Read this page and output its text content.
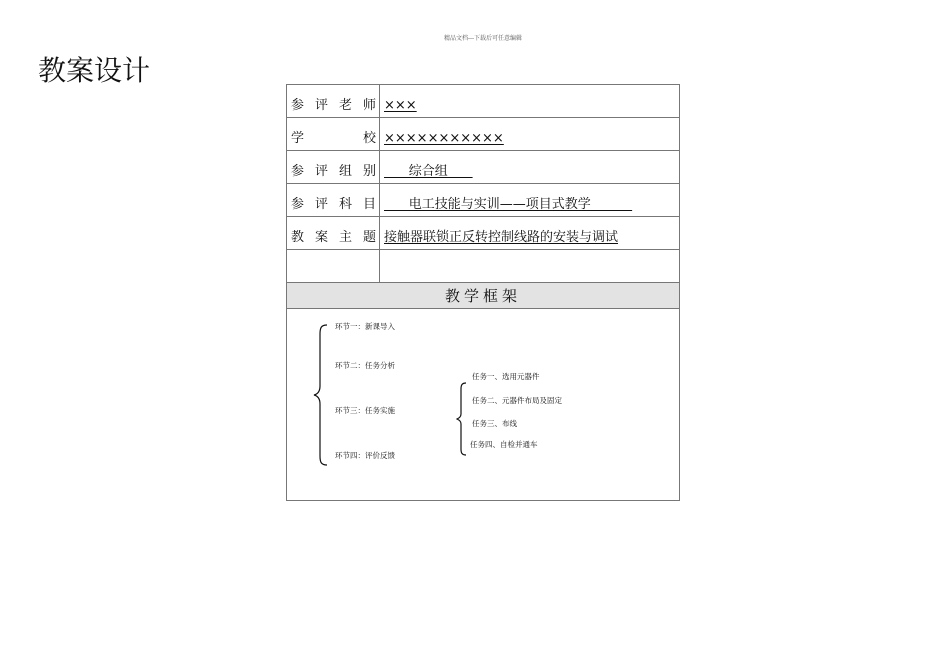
精品文档---下载后可任意编辑
教案设计
参评老师 ×××
学校 ×××××××××××
参评组别 综合组
参评科目 电工技能与实训——项目式教学
教案主题 接触器联锁正反转控制线路的安装与调试
教学框架
环节一：新课导入
环节二：任务分析
环节三：任务实施
环节四：评价反馈
任务一、选用元器件
任务二、元器件布局及固定
任务三、布线
任务四、自检并通车
